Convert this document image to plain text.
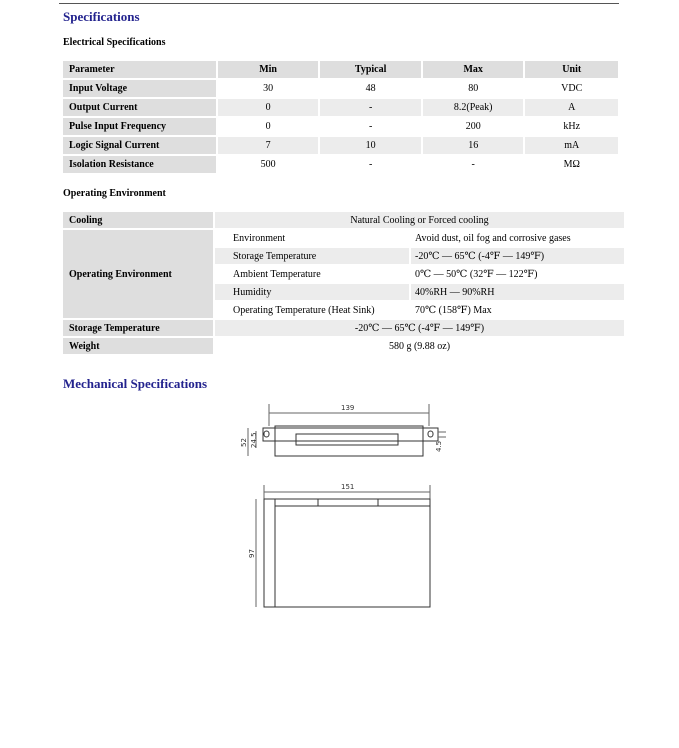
Specifications
Electrical Specifications
Parameter	Min	Typical	Max	Unit
Input Voltage	30	48	80	VDC
Output Current	0	-	8.2(Peak)	A
Pulse Input Frequency	0	-	200	kHz
Logic Signal Current	7	10	16	mA
Isolation Resistance	500	-	-	MΩ
Operating Environment
Cooling	Natural Cooling or Forced cooling	
Operating Environment	Environment	Avoid dust, oil fog and corrosive gases
	Storage Temperature	-20℃ — 65℃ (-4℉ — 149℉)
	Ambient Temperature	0℃ — 50℃ (32℉ — 122℉)
	Humidity	40%RH — 90%RH
	Operating Temperature (Heat Sink)	70℃ (158℉) Max
Storage Temperature	-20℃ — 65℃ (-4℉ — 149℉)	
Weight	580 g (9.88 oz)	
Mechanical Specifications
139
52 24.5	4.5
151
97
